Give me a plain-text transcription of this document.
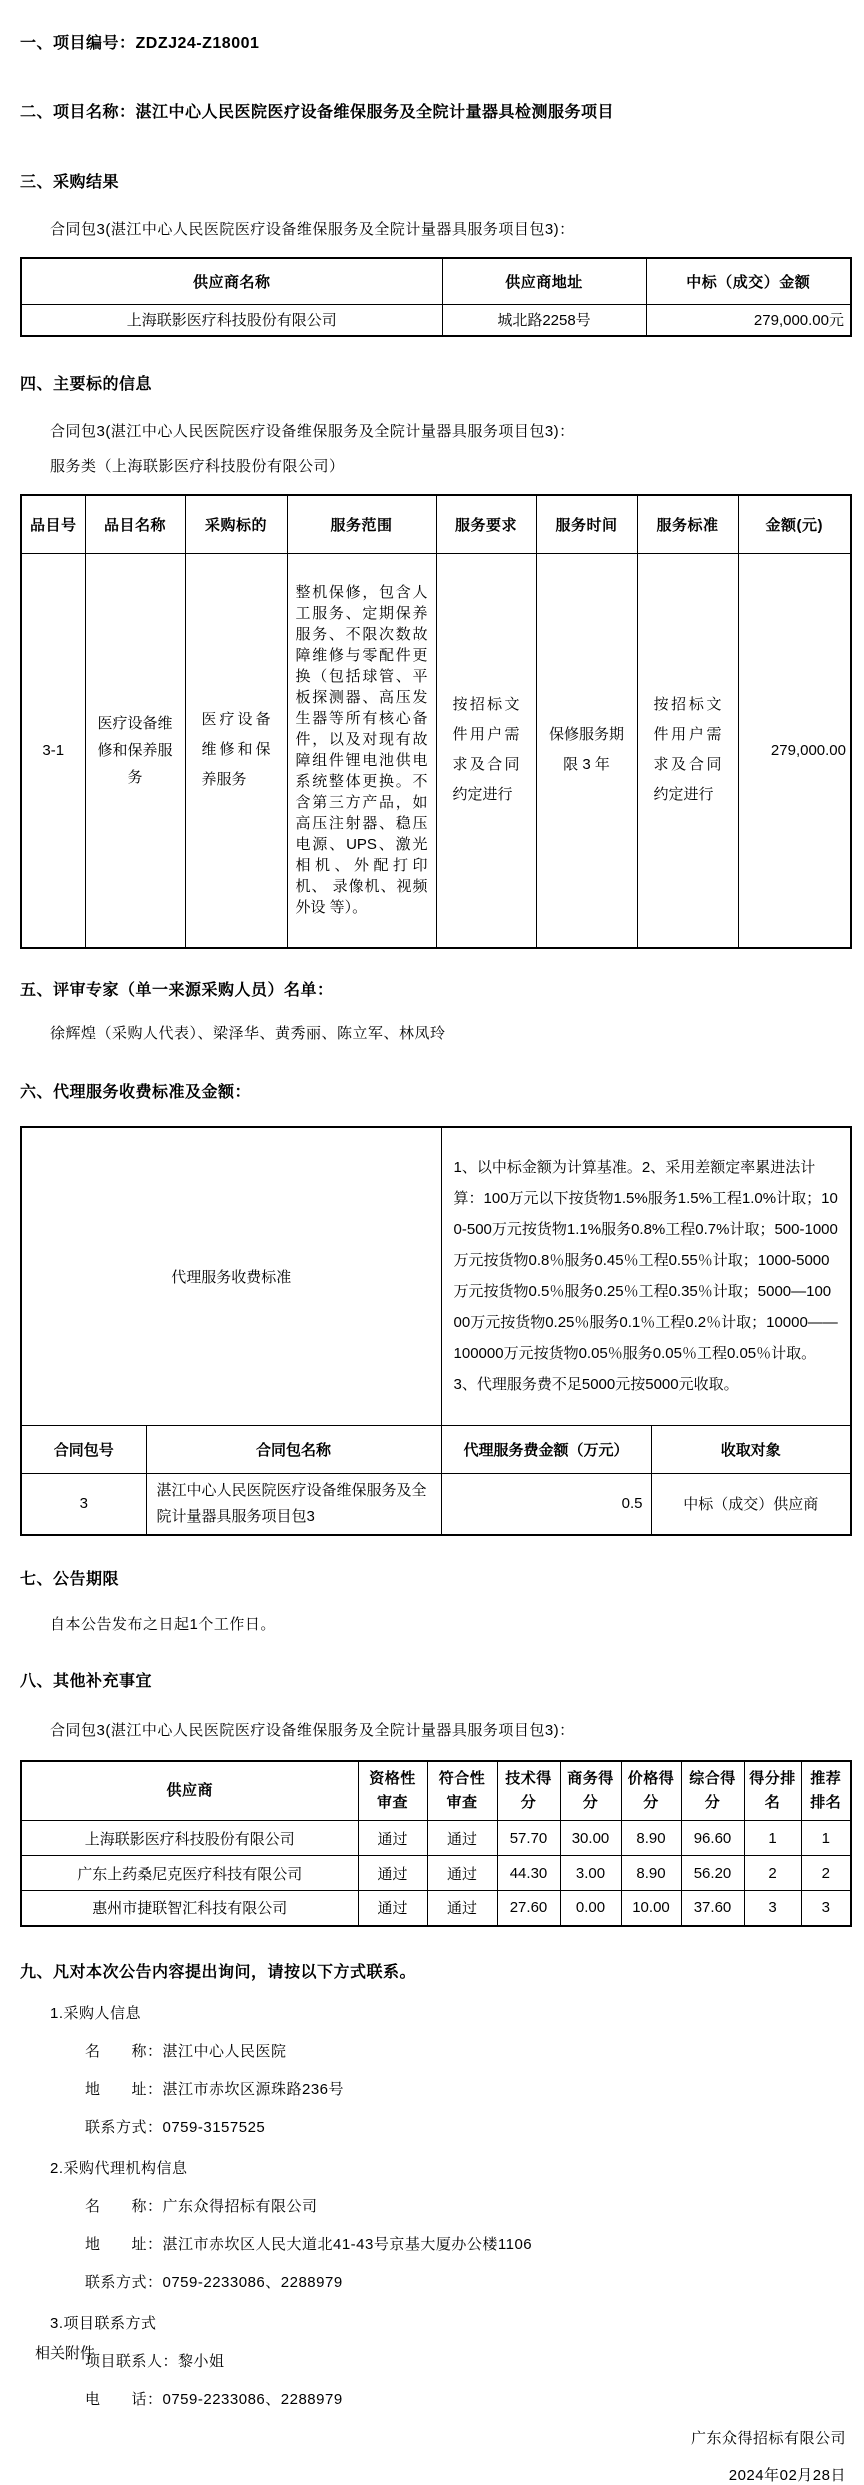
一、项目编号：ZDZJ24-Z18001
二、项目名称：湛江中心人民医院医疗设备维保服务及全院计量器具检测服务项目
三、采购结果
合同包3(湛江中心人民医院医疗设备维保服务及全院计量器具服务项目包3)：
供应商名称	供应商地址	中标（成交）金额
上海联影医疗科技股份有限公司	城北路2258号	279,000.00元
四、主要标的信息
合同包3(湛江中心人民医院医疗设备维保服务及全院计量器具服务项目包3)：
服务类（上海联影医疗科技股份有限公司）
品目号	品目名称	采购标的	服务范围	服务要求	服务时间	服务标准	金额(元)
3-1	医疗设备维修和保养服务	医疗设备维修和保养服务	整机保修，包含人工服务、定期保养服务、不限次数故障维修与零配件更换（包括球管、平板探测器、高压发生器等所有核心备件，以及对现有故障组件锂电池供电系统整体更换。不含第三方产品，如高压注射器、稳压电源、UPS、激光相机、外配打印机、 录像机、视频外设 等）。	按招标文件用户需求及合同约定进行	保修服务期限 3 年	按招标文件用户需求及合同约定进行	279,000.00
五、评审专家（单一来源采购人员）名单：
徐辉煌（采购人代表）、梁泽华、黄秀丽、陈立军、林凤玲
六、代理服务收费标准及金额：
代理服务收费标准		1、以中标金额为计算基准。2、采用差额定率累进法计算：100万元以下按货物1.5%服务1.5%工程1.0%计取；100-500万元按货物1.1%服务0.8%工程0.7%计取；500-1000万元按货物0.8％服务0.45％工程0.55％计取；1000-5000万元按货物0.5％服务0.25％工程0.35％计取；5000—10000万元按货物0.25％服务0.1％工程0.2％计取；10000——100000万元按货物0.05％服务0.05％工程0.05％计取。3、代理服务费不足5000元按5000元收取。	
合同包号	合同包名称	代理服务费金额（万元）	收取对象
3	湛江中心人民医院医疗设备维保服务及全院计量器具服务项目包3	0.5	中标（成交）供应商
七、公告期限
自本公告发布之日起1个工作日。
八、其他补充事宜
合同包3(湛江中心人民医院医疗设备维保服务及全院计量器具服务项目包3)：
供应商	资格性审查	符合性审查	技术得分	商务得分	价格得分	综合得分	得分排名	推荐排名
上海联影医疗科技股份有限公司	通过	通过	57.70	30.00	8.90	96.60	1	1
广东上药桑尼克医疗科技有限公司	通过	通过	44.30	3.00	8.90	56.20	2	2
惠州市捷联智汇科技有限公司	通过	通过	27.60	0.00	10.00	37.60	3	3
九、凡对本次公告内容提出询问，请按以下方式联系。
1.采购人信息
名　　称：湛江中心人民医院
地　　址：湛江市赤坎区源珠路236号
联系方式：0759-3157525
2.采购代理机构信息
名　　称：广东众得招标有限公司
地　　址：湛江市赤坎区人民大道北41-43号京基大厦办公楼1106
联系方式：0759-2233086、2288979
3.项目联系方式
项目联系人：黎小姐
电　　话：0759-2233086、2288979
广东众得招标有限公司
2024年02月28日
相关附件
